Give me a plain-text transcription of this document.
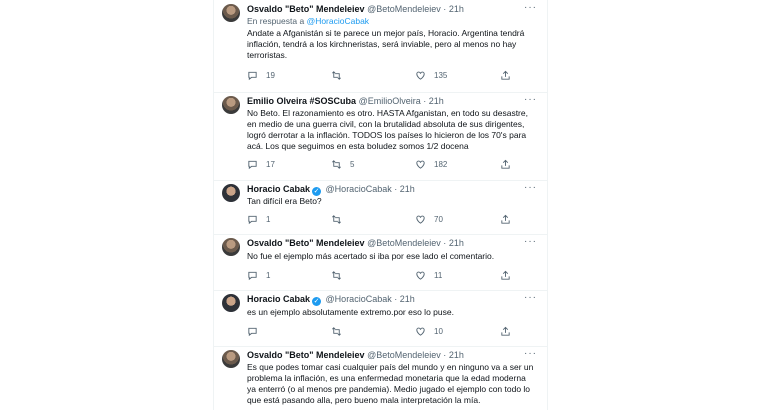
Osvaldo "Beto" Mendeleiev @BetoMendeleiev · 21h	···
En respuesta a @HoracioCabak
Andate a Afganistán si te parece un mejor país, Horacio. Argentina tendrá inflación, tendrá a los kirchneristas, será inviable, pero al menos no hay terroristas.
19	135
Emilio Olveira #SOSCuba @EmilioOlveira · 21h	···
No Beto. El razonamiento es otro. HASTA Afganistan, en todo su desastre, en medio de una guerra civil, con la brutalidad absoluta de sus dirigentes, logró derrotar a la inflación. TODOS los países lo hicieron de los 70's para acá. Los que seguimos en esta boludez somos 1/2 docena
17	5	182
Horacio Cabak ✓ @HoracioCabak · 21h	···
Tan difícil era Beto?
1	70
Osvaldo "Beto" Mendeleiev @BetoMendeleiev · 21h	···
No fue el ejemplo más acertado si iba por ese lado el comentario.
1	11
Horacio Cabak ✓ @HoracioCabak · 21h	···
es un ejemplo absolutamente extremo.por eso lo puse.
10
Osvaldo "Beto" Mendeleiev @BetoMendeleiev · 21h	···
Es que podes tomar casi cualquier país del mundo y en ninguno va a ser un problema la inflación, es una enfermedad monetaria que la edad moderna ya enterró (o al menos pre pandemia). Medio jugado el ejemplo con todo lo que está pasando alla, pero bueno mala interpretación la mía.
